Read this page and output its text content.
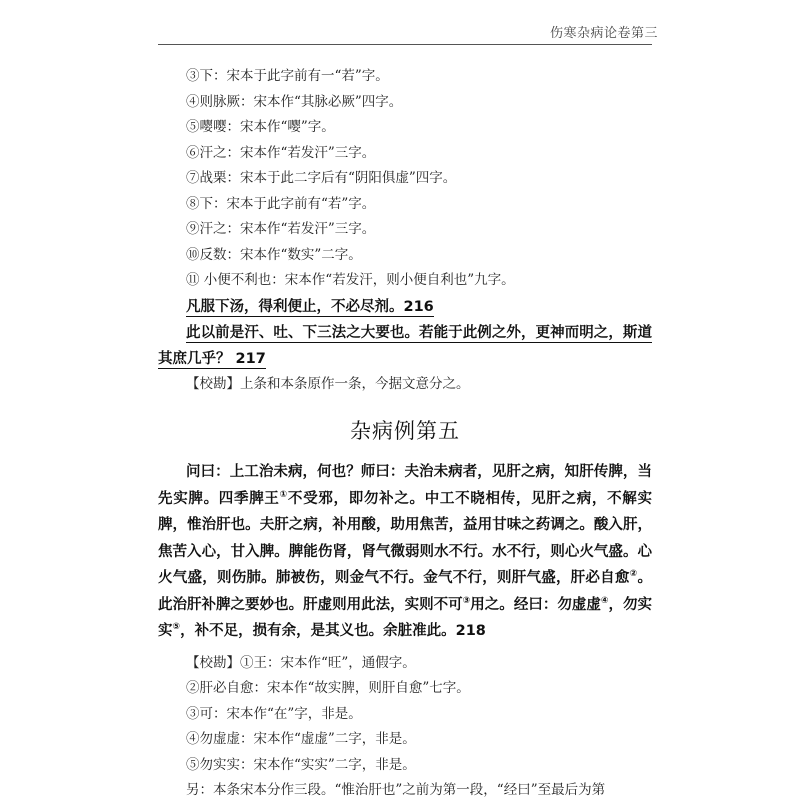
伤寒杂病论卷第三
③下：宋本于此字前有一“若”字。
④则脉厥：宋本作“其脉必厥”四字。
⑤嘤嘤：宋本作“嘤”字。
⑥汗之：宋本作“若发汗”三字。
⑦战栗：宋本于此二字后有“阴阳俱虚”四字。
⑧下：宋本于此字前有“若”字。
⑨汗之：宋本作“若发汗”三字。
⑩反数：宋本作“数实”二字。
⑪ 小便不利也：宋本作“若发汗，则小便自利也”九字。
凡服下汤，得利便止，不必尽剂。216
此以前是汗、吐、下三法之大要也。若能于此例之外，更神而明之，斯道其庶几乎？ 217
【校勘】上条和本条原作一条，今据文意分之。
杂病例第五
问曰：上工治未病，何也？师曰：夫治未病者，见肝之病，知肝传脾，当先实脾。四季脾王①不受邪，即勿补之。中工不晓相传，见肝之病，不解实脾，惟治肝也。夫肝之病，补用酸，助用焦苦，益用甘味之药调之。酸入肝，焦苦入心，甘入脾。脾能伤肾，肾气微弱则水不行。水不行，则心火气盛。心火气盛，则伤肺。肺被伤，则金气不行。金气不行，则肝气盛，肝必自愈②。此治肝补脾之要妙也。肝虚则用此法，实则不可③用之。经曰：勿虚虚④，勿实实⑤，补不足，损有余，是其义也。余脏准此。218
【校勘】①王：宋本作“旺”，通假字。
②肝必自愈：宋本作“故实脾，则肝自愈”七字。
③可：宋本作“在”字，非是。
④勿虚虚：宋本作“虚虚”二字，非是。
⑤勿实实：宋本作“实实”二字，非是。
另：本条宋本分作三段。“惟治肝也”之前为第一段，“经曰”至最后为第
